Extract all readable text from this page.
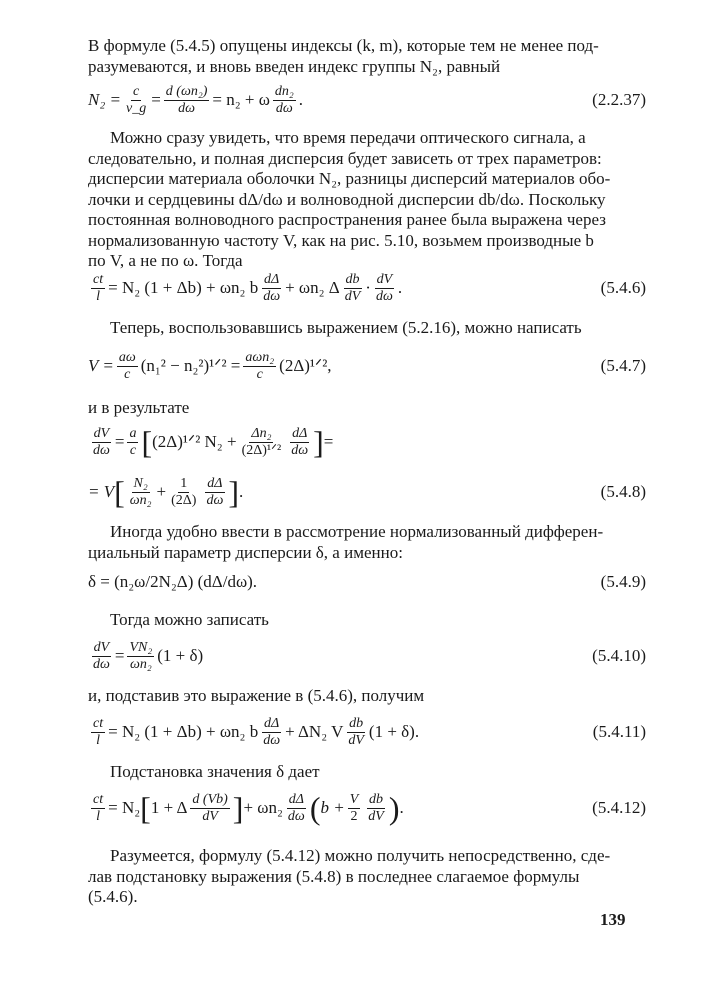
В формуле (5.4.5) опущены индексы (k, m), которые тем не менее под-
разумеваются, и вновь введен индекс группы N₂, равный
$N_2 = \frac{c}{v\_g} = \frac{\text{d (ωn₂)}}{d\omega} = n_2 + \omega \frac{\text{dn₂}}{d\omega}$ .	(2.2.37)
Можно сразу увидеть, что время передачи оптического сигнала, а
следовательно, и полная дисперсия будет зависеть от трех параметров:
дисперсии материала оболочки N₂, разницы дисперсий материалов обо-
лочки и сердцевины dΔ/dω и волноводной дисперсии db/dω. Поскольку
постоянная волноводного распространения ранее была выражена через
нормализованную частоту V, как на рис. 5.10, возьмем производные b
по V, а не по ω. Тогда
$\frac{ct}{l} = N_2$ (1 + Δb) + ωn₂ b $\frac{d\Delta}{d\omega} + \omega n_2$ Δ $\frac{db}{dV} \cdot \frac{dV}{d\omega}$ .	(5.4.6)
Теперь, воспользовавшись выражением (5.2.16), можно написать
$V = \frac{a\omega}{c} (n_1^2$ − n₂²)¹ᐟ² = $\frac{\text{aωn₂}}{c}$ (2Δ)¹ᐟ²,	(5.4.7)
и в результате
$\frac{dV}{d\omega} = \frac{a}{c}$ [ (2Δ)¹ᐟ² $N_2 + \frac{\text{Δn₂}}{\text{(2Δ)¹ᐟ²}} \frac{d\Delta}{d\omega}$ ] =
= V [ $\frac{\text{N₂}}{\text{ωn₂}} + \frac{1}{(2\Delta)} \frac{d\Delta}{d\omega}$ ] .	(5.4.8)
Иногда удобно ввести в рассмотрение нормализованный дифферен-
циальный параметр дисперсии δ, а именно:
δ = (n₂ω/2N₂Δ) (dΔ/dω).	(5.4.9)
Тогда можно записать
$\frac{dV}{d\omega} = \frac{\text{VN₂}}{\text{ωn₂}} (1 + \delta)$	(5.4.10)
и, подставив это выражение в (5.4.6), получим
$\frac{ct}{l} = N_2$ (1 + Δb) + ωn₂ b $\frac{d\Delta}{d\omega} + \Delta N_2$ V $\frac{db}{dV} (1 + \delta)$.	(5.4.11)
Подстановка значения δ дает
$\frac{ct}{l} = N_2$ [ 1 + Δ $\frac{d (Vb)}{dV}$ ] + $\omega n_2 \frac{d\Delta}{d\omega}$ ( $b + \frac{V}{2} \frac{db}{dV}$ ) .	(5.4.12)
Разумеется, формулу (5.4.12) можно получить непосредственно, сде-
лав подстановку выражения (5.4.8) в последнее слагаемое формулы
(5.4.6).
139
